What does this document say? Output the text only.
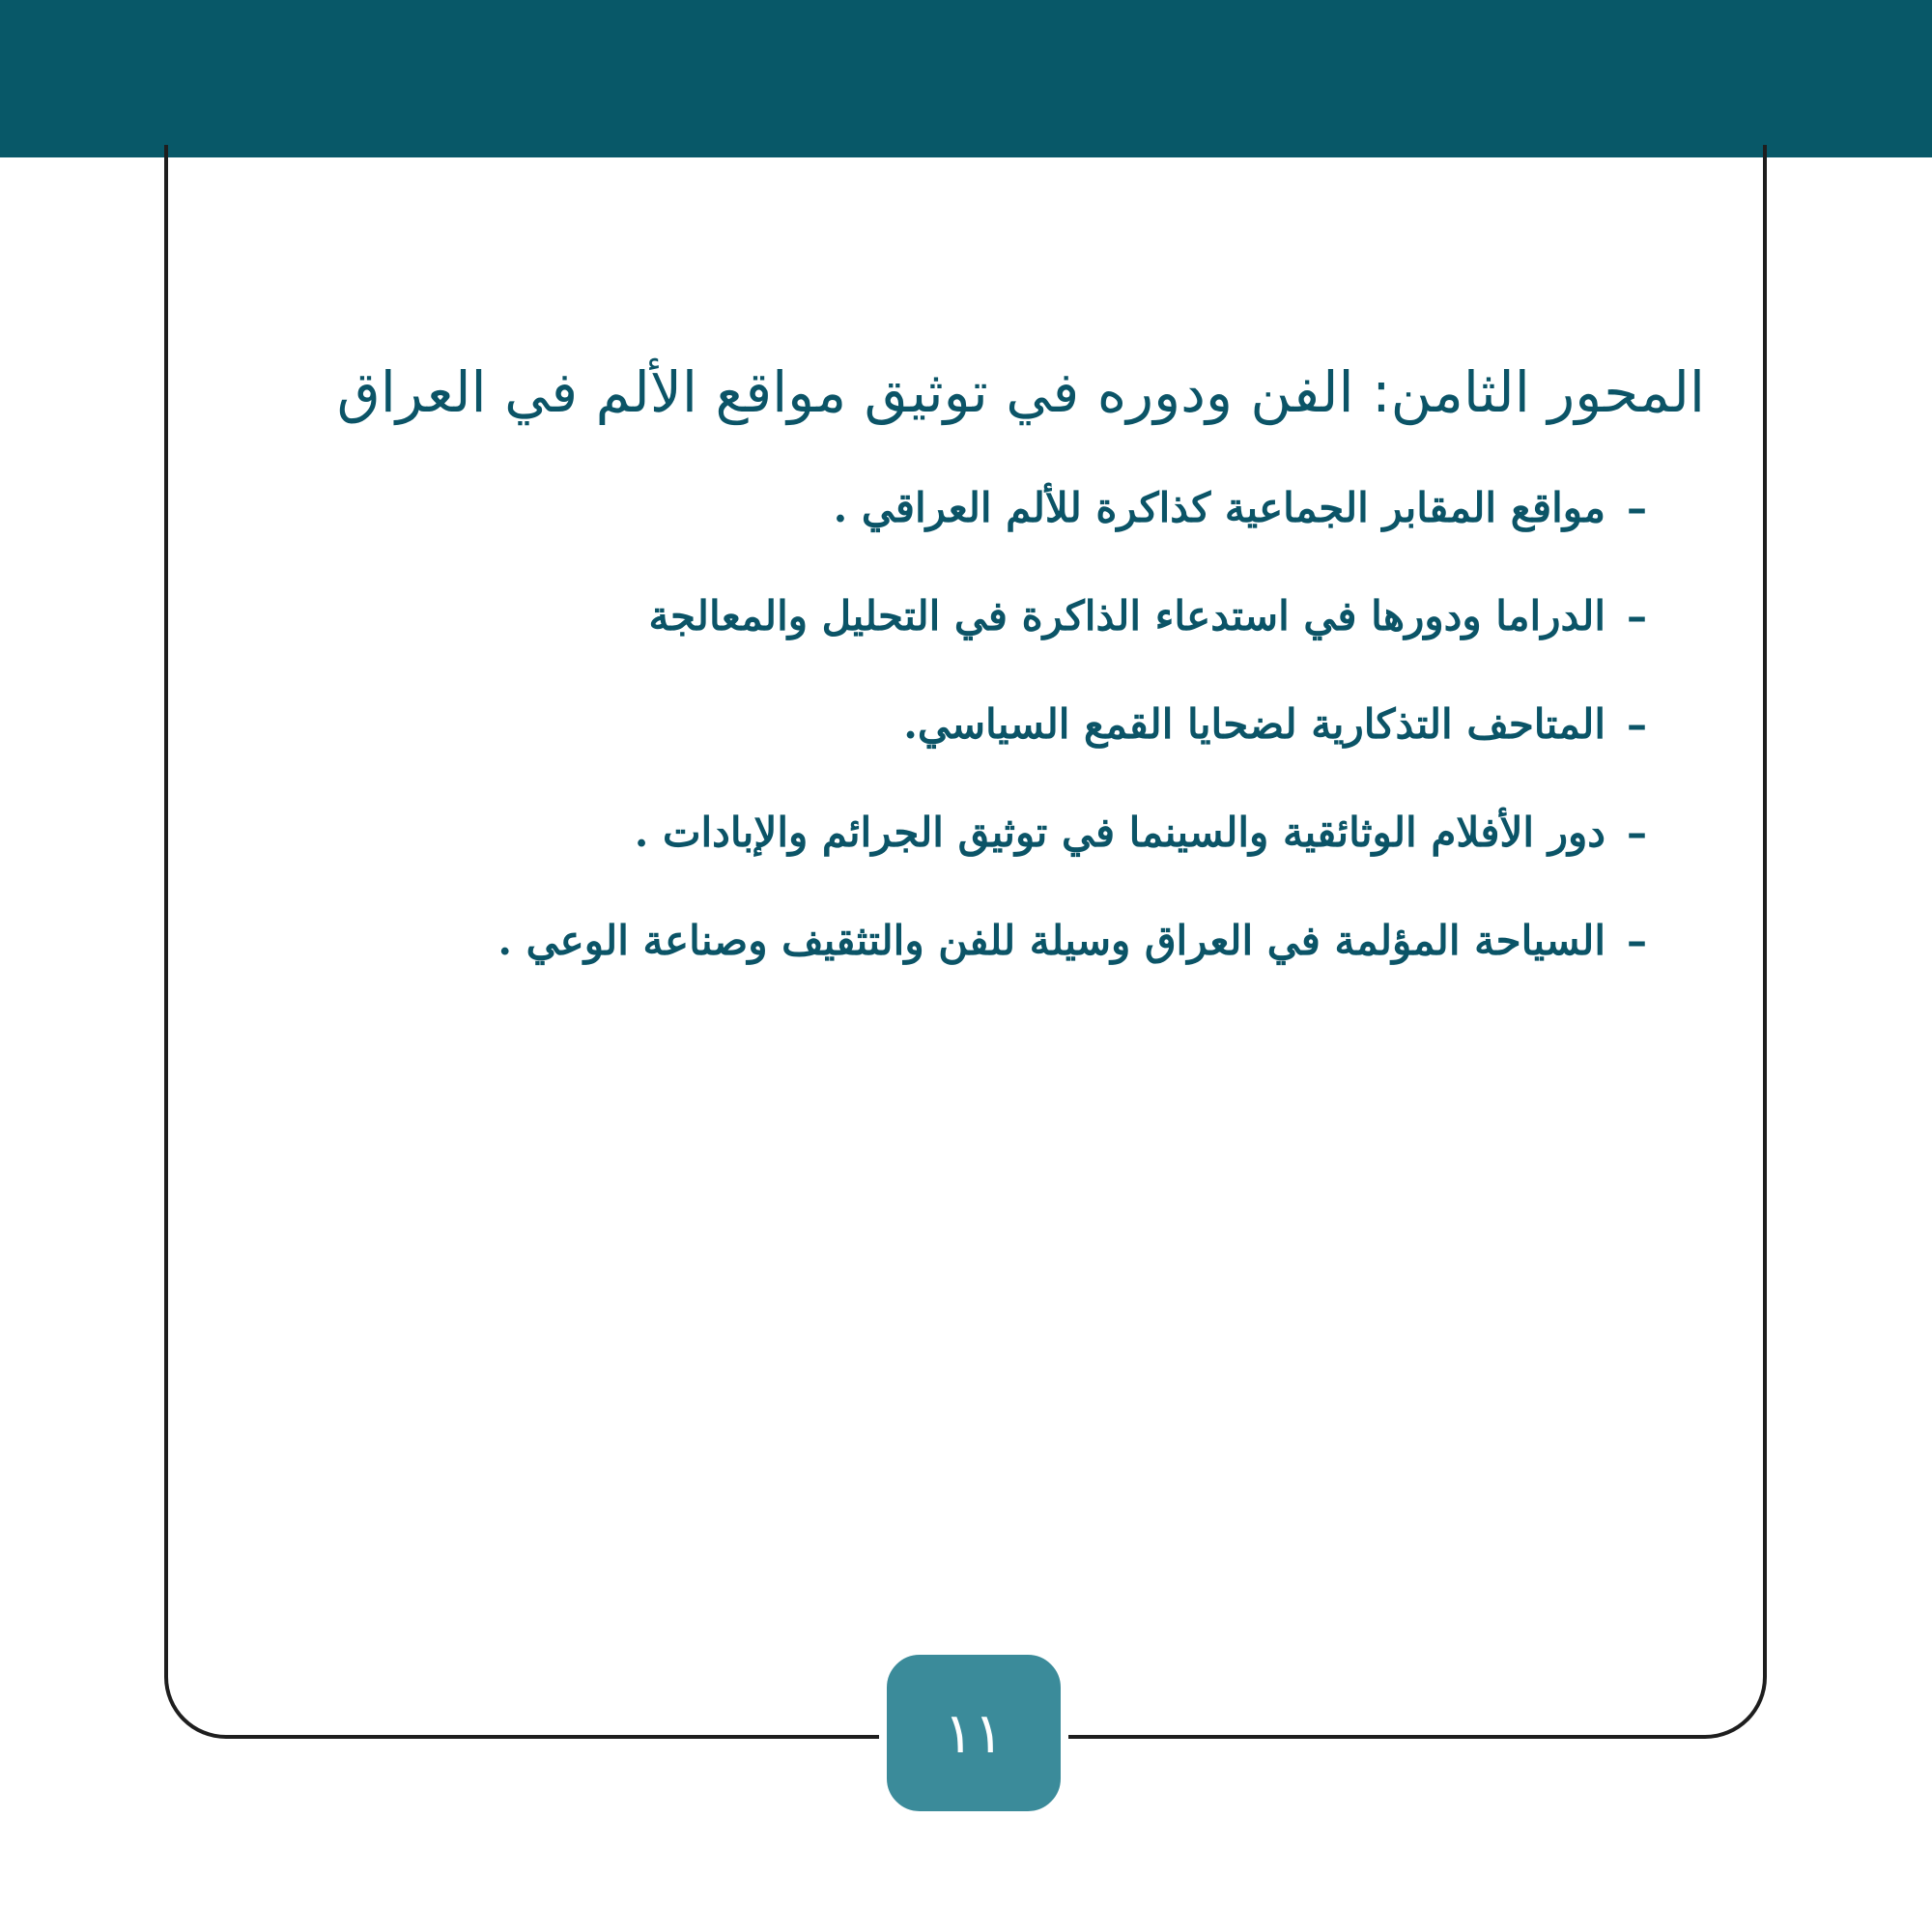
المحور الثامن: الفن ودوره في توثيق مواقع الألم في العراق
–مواقع المقابر الجماعية كذاكرة للألم العراقي .
–الدراما ودورها في استدعاء الذاكرة في التحليل والمعالجة
–المتاحف التذكارية لضحايا القمع السياسي.
–دور الأفلام الوثائقية والسينما في توثيق الجرائم والإبادات .
–السياحة المؤلمة في العراق وسيلة للفن والتثقيف وصناعة الوعي .
١١
